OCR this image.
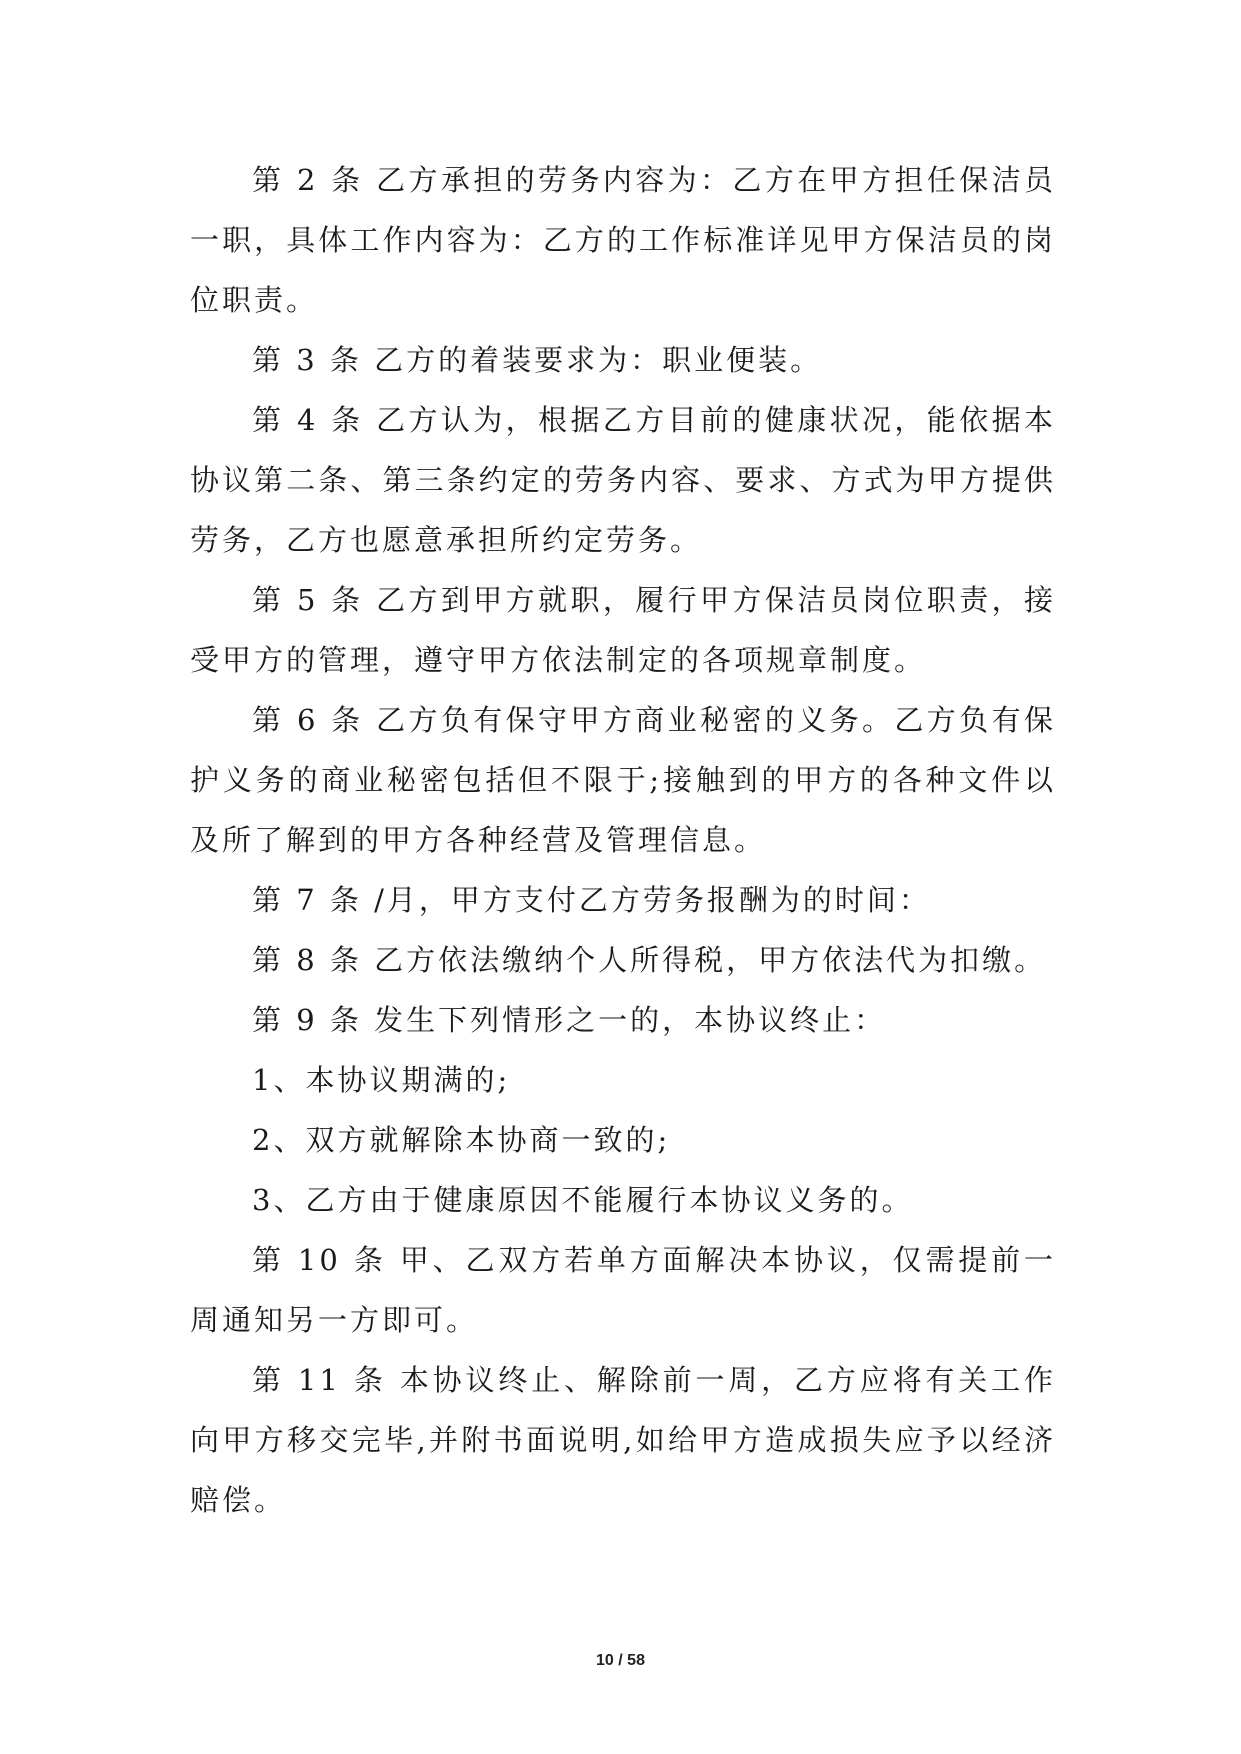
第 2 条 乙方承担的劳务内容为：乙方在甲方担任保洁员一职，具体工作内容为：乙方的工作标准详见甲方保洁员的岗位职责。

第 3 条 乙方的着装要求为：职业便装。

第 4 条 乙方认为，根据乙方目前的健康状况，能依据本协议第二条、第三条约定的劳务内容、要求、方式为甲方提供劳务，乙方也愿意承担所约定劳务。

第 5 条 乙方到甲方就职，履行甲方保洁员岗位职责，接受甲方的管理，遵守甲方依法制定的各项规章制度。

第 6 条 乙方负有保守甲方商业秘密的义务。乙方负有保护义务的商业秘密包括但不限于;接触到的甲方的各种文件以及所了解到的甲方各种经营及管理信息。

第 7 条 /月，甲方支付乙方劳务报酬为的时间：

第 8 条 乙方依法缴纳个人所得税，甲方依法代为扣缴。

第 9 条 发生下列情形之一的，本协议终止：

1、本协议期满的;

2、双方就解除本协商一致的;

3、乙方由于健康原因不能履行本协议义务的。

第 10 条 甲、乙双方若单方面解决本协议，仅需提前一周通知另一方即可。

第 11 条 本协议终止、解除前一周，乙方应将有关工作向甲方移交完毕,并附书面说明,如给甲方造成损失应予以经济赔偿。

10 / 58
